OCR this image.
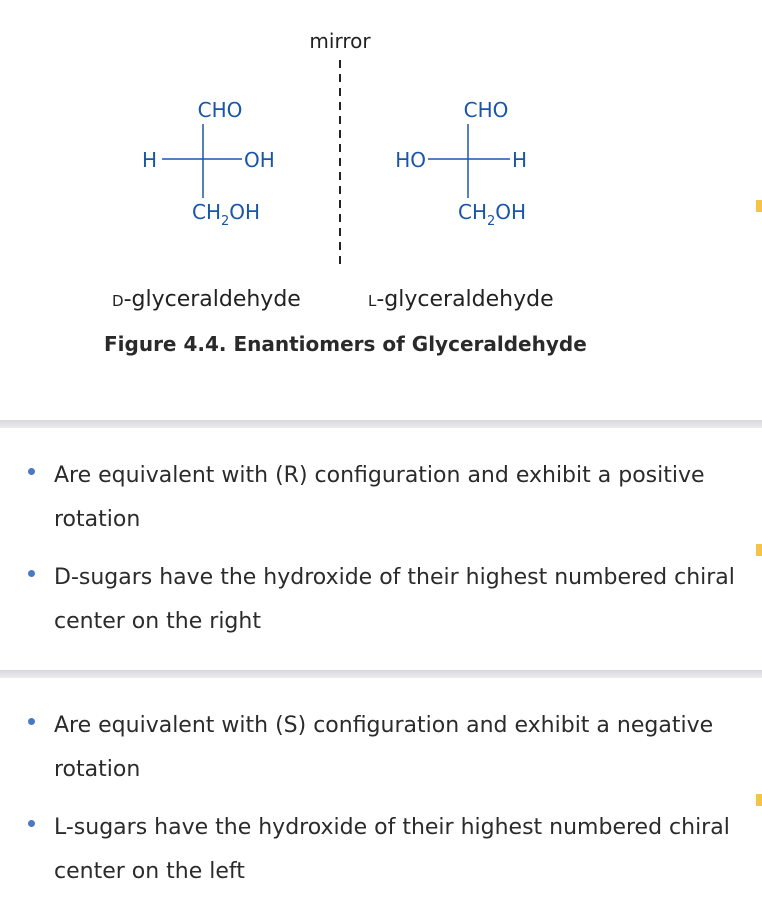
mirror
CHO
H	OH
$CH_2OH$
CHO
HO	H
$CH_2OH$
D-glyceraldehyde	L-glyceraldehyde
Figure 4.4. Enantiomers of Glyceraldehyde
Are equivalent with (R) configuration and exhibit a positive rotation
D-sugars have the hydroxide of their highest numbered chiral center on the right
Are equivalent with (S) configuration and exhibit a negative rotation
L-sugars have the hydroxide of their highest numbered chiral center on the left
